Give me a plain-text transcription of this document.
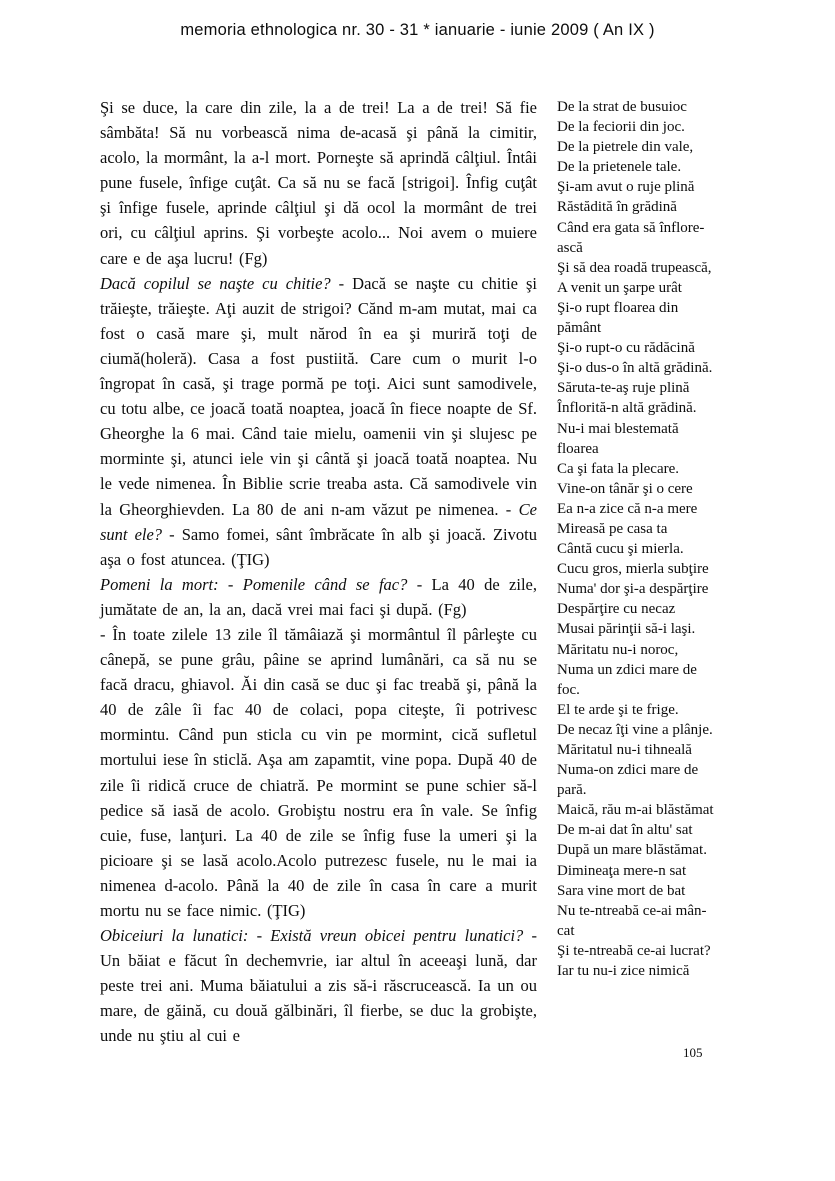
memoria ethnologica nr. 30 - 31 * ianuarie - iunie 2009 ( An IX )

Şi se duce, la care din zile, la a de trei! La a de trei! Să fie sâmbăta! Să nu vorbească nima de-acasă şi până la cimitir, acolo, la mormânt, la a-l mort. Porneşte să aprindă câlţiul. Întâi pune fusele, înfige cuţât. Ca să nu se facă [strigoi]. Înfig cuţât şi înfige fusele, aprinde câlţiul şi dă ocol la mormânt de trei ori, cu câlţiul aprins. Şi vorbeşte acolo... Noi avem o muiere care e de aşa lucru! (Fg)

Dacă copilul se naşte cu chitie? - Dacă se naşte cu chitie şi trăieşte, trăieşte. Aţi auzit de strigoi? Cănd m-am mutat, mai ca fost o casă mare şi, mult nărod în ea şi muriră toţi de ciumă(holeră). Casa a fost pustiită. Care cum o murit l-o îngropat în casă, şi trage pormă pe toţi. Aici sunt samodivele, cu totu albe, ce joacă toată noaptea, joacă în fiece noapte de Sf. Gheorghe la 6 mai. Când taie mielu, oamenii vin şi slujesc pe morminte şi, atunci iele vin şi cântă şi joacă toată noaptea. Nu le vede nimenea. În Biblie scrie treaba asta. Că samodivele vin la Gheorghievden. La 80 de ani n-am văzut pe nimenea. - Ce sunt ele? - Samo fomei, sânt îmbrăcate în alb şi joacă. Zivotu aşa o fost atuncea. (ŢIG)

Pomeni la mort: - Pomenile când se fac? - La 40 de zile, jumătate de an, la an, dacă vrei mai faci şi după. (Fg)

- În toate zilele 13 zile îl tămâiază şi mormântul îl pârleşte cu cânepă, se pune grâu, pâine se aprind lumânări, ca să nu se facă dracu, ghiavol. Ăi din casă se duc şi fac treabă şi, până la 40 de zâle îi fac 40 de colaci, popa citeşte, îi potrivesc mormintu. Când pun sticla cu vin pe mormint, cică sufletul mortului iese în sticlă. Aşa am zapamtit, vine popa. După 40 de zile îi ridică cruce de chiatră. Pe mormint se pune schier să-l pedice să iasă de acolo. Grobiştu nostru era în vale. Se înfig cuie, fuse, lanţuri. La 40 de zile se înfig fuse la umeri şi la picioare şi se lasă acolo.Acolo putrezesc fusele, nu le mai ia nimenea d-acolo. Până la 40 de zile în casa în care a murit mortu nu se face nimic. (ŢIG)

Obiceiuri la lunatici: - Există vreun obicei pentru lunatici? - Un băiat e făcut în dechemvrie, iar altul în aceeaşi lună, dar peste trei ani. Muma băiatului a zis să-i răscrucească. Ia un ou mare, de găină, cu două gălbinări, îl fierbe, se duc la grobişte, unde nu ştiu al cui e

De la strat de busuioc
De la feciorii din joc.
De la pietrele din vale,
De la prietenele tale.
Şi-am avut o ruje plină
Răstădită în grădină
Când era gata să înflore-
ască
Şi să dea roadă trupească,
A venit un şarpe urât
Şi-o rupt floarea din
pământ
Şi-o rupt-o cu rădăcină
Şi-o dus-o în altă grădină.
Săruta-te-aş ruje plină
Înflorită-n altă grădină.
Nu-i mai blestemată
floarea
Ca şi fata la plecare.
Vine-on tânăr şi o cere
Ea n-a zice că n-a mere
Mireasă pe casa ta
Cântă cucu şi mierla.
Cucu gros, mierla subţire
Numa' dor şi-a despărţire
Despărţire cu necaz
Musai părinţii să-i laşi.
Măritatu nu-i noroc,
Numa un zdici mare de
foc.
El te arde şi te frige.
De necaz îţi vine a plânje.
Măritatul nu-i tihneală
Numa-on zdici mare de
pară.
Maică, rău m-ai blăstămat
De m-ai dat în altu' sat
După un mare blăstămat.
Dimineaţa mere-n sat
Sara vine mort de bat
Nu te-ntreabă ce-ai mân-
cat
Şi te-ntreabă ce-ai lucrat?
Iar tu nu-i zice nimică
105
